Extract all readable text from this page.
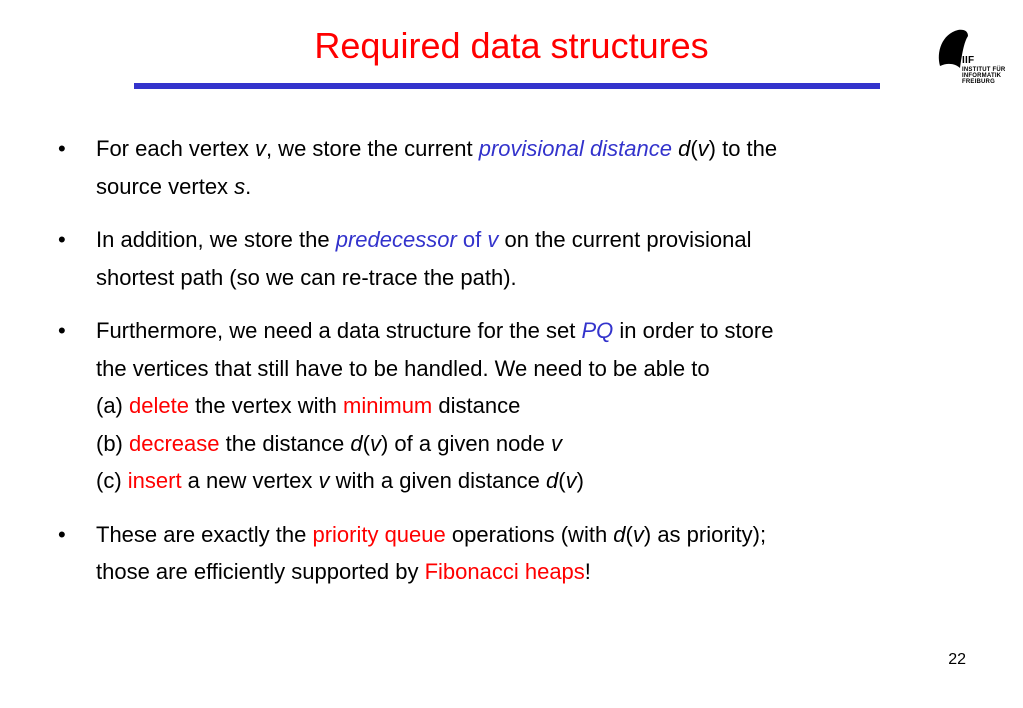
Required data structures	IIF
INSTITUT FÜR
INFORMATIK
FREIBURG
•	For each vertex v, we store the current provisional distance d(v) to the
source vertex s.
•	In addition, we store the predecessor of v on the current provisional
shortest path (so we can re-trace the path).
•	Furthermore, we need a data structure for the set PQ in order to store
the vertices that still have to be handled. We need to be able to
(a) delete the vertex with minimum distance
(b) decrease the distance d(v) of a given node v
(c) insert a new vertex v with a given distance d(v)
•	These are exactly the priority queue operations (with d(v) as priority);
those are efficiently supported by Fibonacci heaps!
22
